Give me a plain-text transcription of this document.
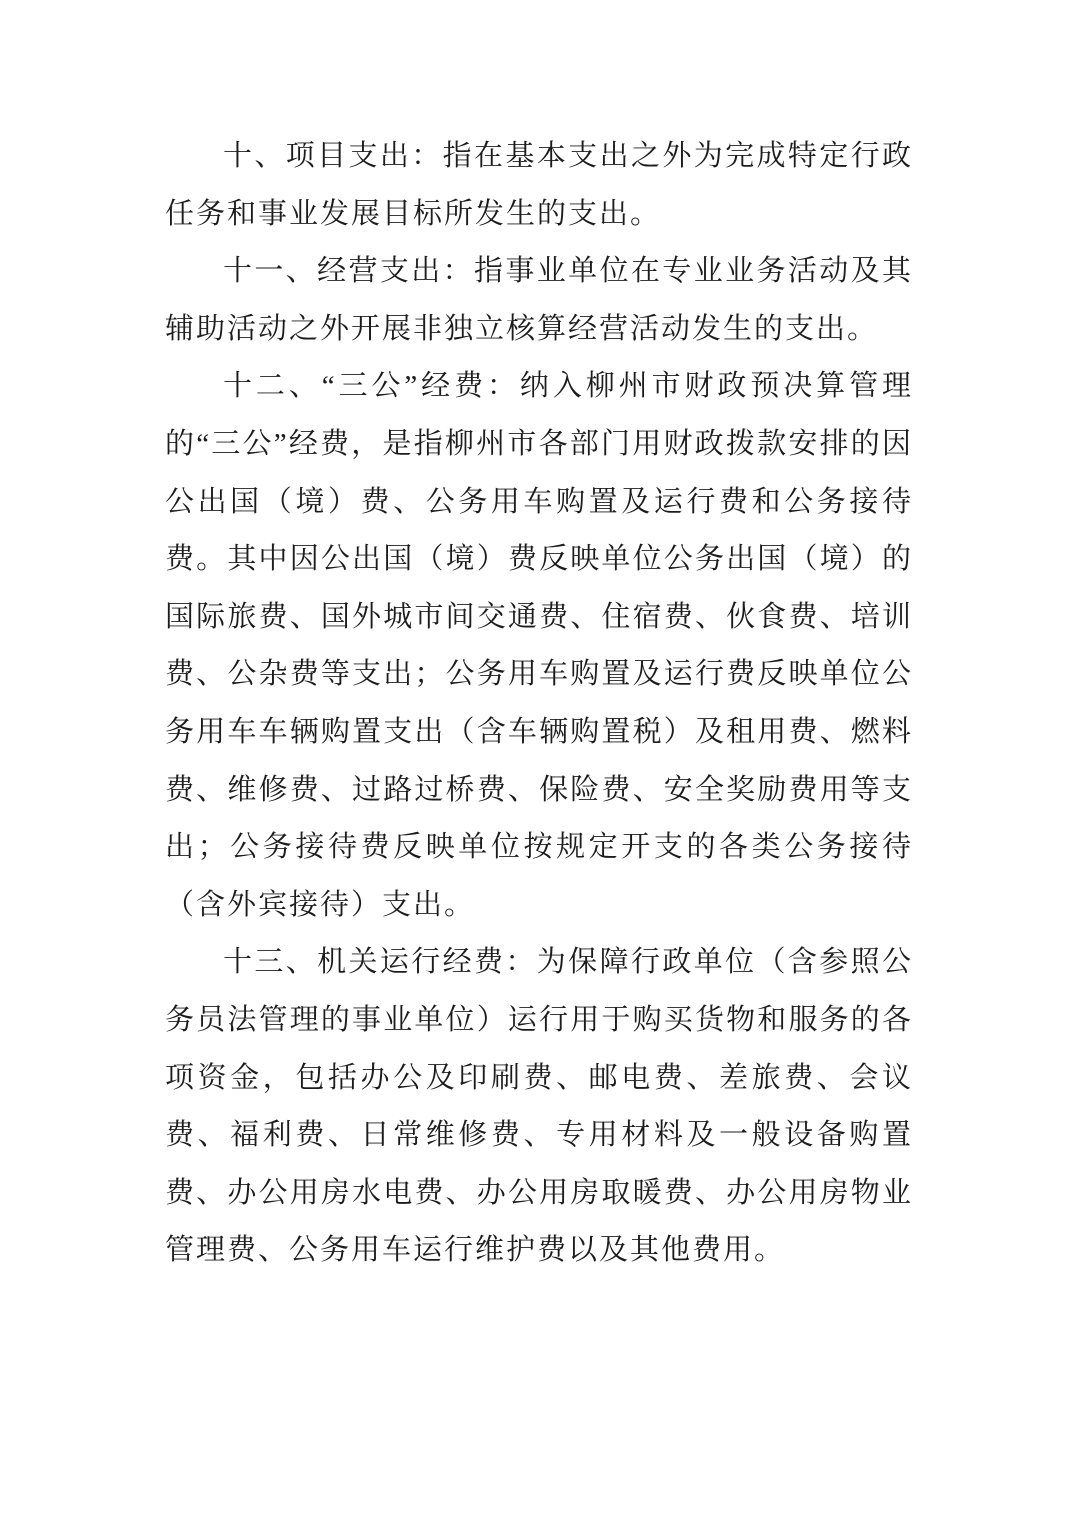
十、项目支出：指在基本支出之外为完成特定行政任务和事业发展目标所发生的支出。

十一、经营支出：指事业单位在专业业务活动及其辅助活动之外开展非独立核算经营活动发生的支出。

十二、“三公”经费：纳入柳州市财政预决算管理的“三公”经费，是指柳州市各部门用财政拨款安排的因公出国（境）费、公务用车购置及运行费和公务接待费。其中因公出国（境）费反映单位公务出国（境）的国际旅费、国外城市间交通费、住宿费、伙食费、培训费、公杂费等支出；公务用车购置及运行费反映单位公务用车车辆购置支出（含车辆购置税）及租用费、燃料费、维修费、过路过桥费、保险费、安全奖励费用等支出；公务接待费反映单位按规定开支的各类公务接待（含外宾接待）支出。

十三、机关运行经费：为保障行政单位（含参照公务员法管理的事业单位）运行用于购买货物和服务的各项资金，包括办公及印刷费、邮电费、差旅费、会议费、福利费、日常维修费、专用材料及一般设备购置费、办公用房水电费、办公用房取暖费、办公用房物业管理费、公务用车运行维护费以及其他费用。
